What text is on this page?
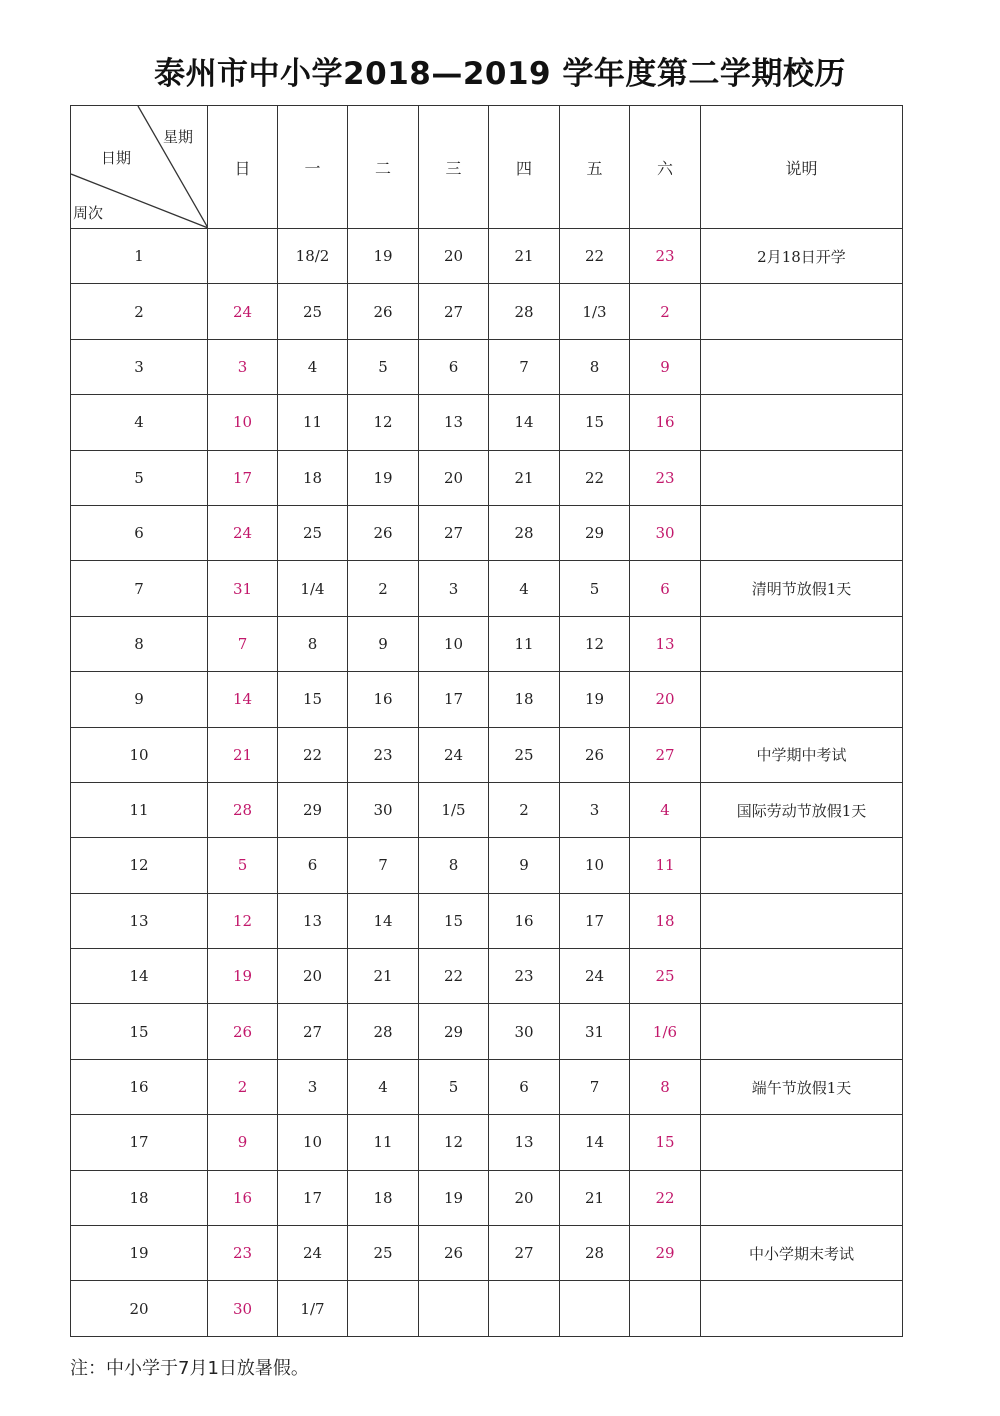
泰州市中小学2018—2019 学年度第二学期校历
星期
日期
周次	日	一	二	三	四	五	六	说明
1		18/2	19	20	21	22	23	2月18日开学
2	24	25	26	27	28	1/3	2	
3	3	4	5	6	7	8	9	
4	10	11	12	13	14	15	16	
5	17	18	19	20	21	22	23	
6	24	25	26	27	28	29	30	
7	31	1/4	2	3	4	5	6	清明节放假1天
8	7	8	9	10	11	12	13	
9	14	15	16	17	18	19	20	
10	21	22	23	24	25	26	27	中学期中考试
11	28	29	30	1/5	2	3	4	国际劳动节放假1天
12	5	6	7	8	9	10	11	
13	12	13	14	15	16	17	18	
14	19	20	21	22	23	24	25	
15	26	27	28	29	30	31	1/6	
16	2	3	4	5	6	7	8	端午节放假1天
17	9	10	11	12	13	14	15	
18	16	17	18	19	20	21	22	
19	23	24	25	26	27	28	29	中小学期末考试
20	30	1/7						
注：中小学于7月1日放暑假。
